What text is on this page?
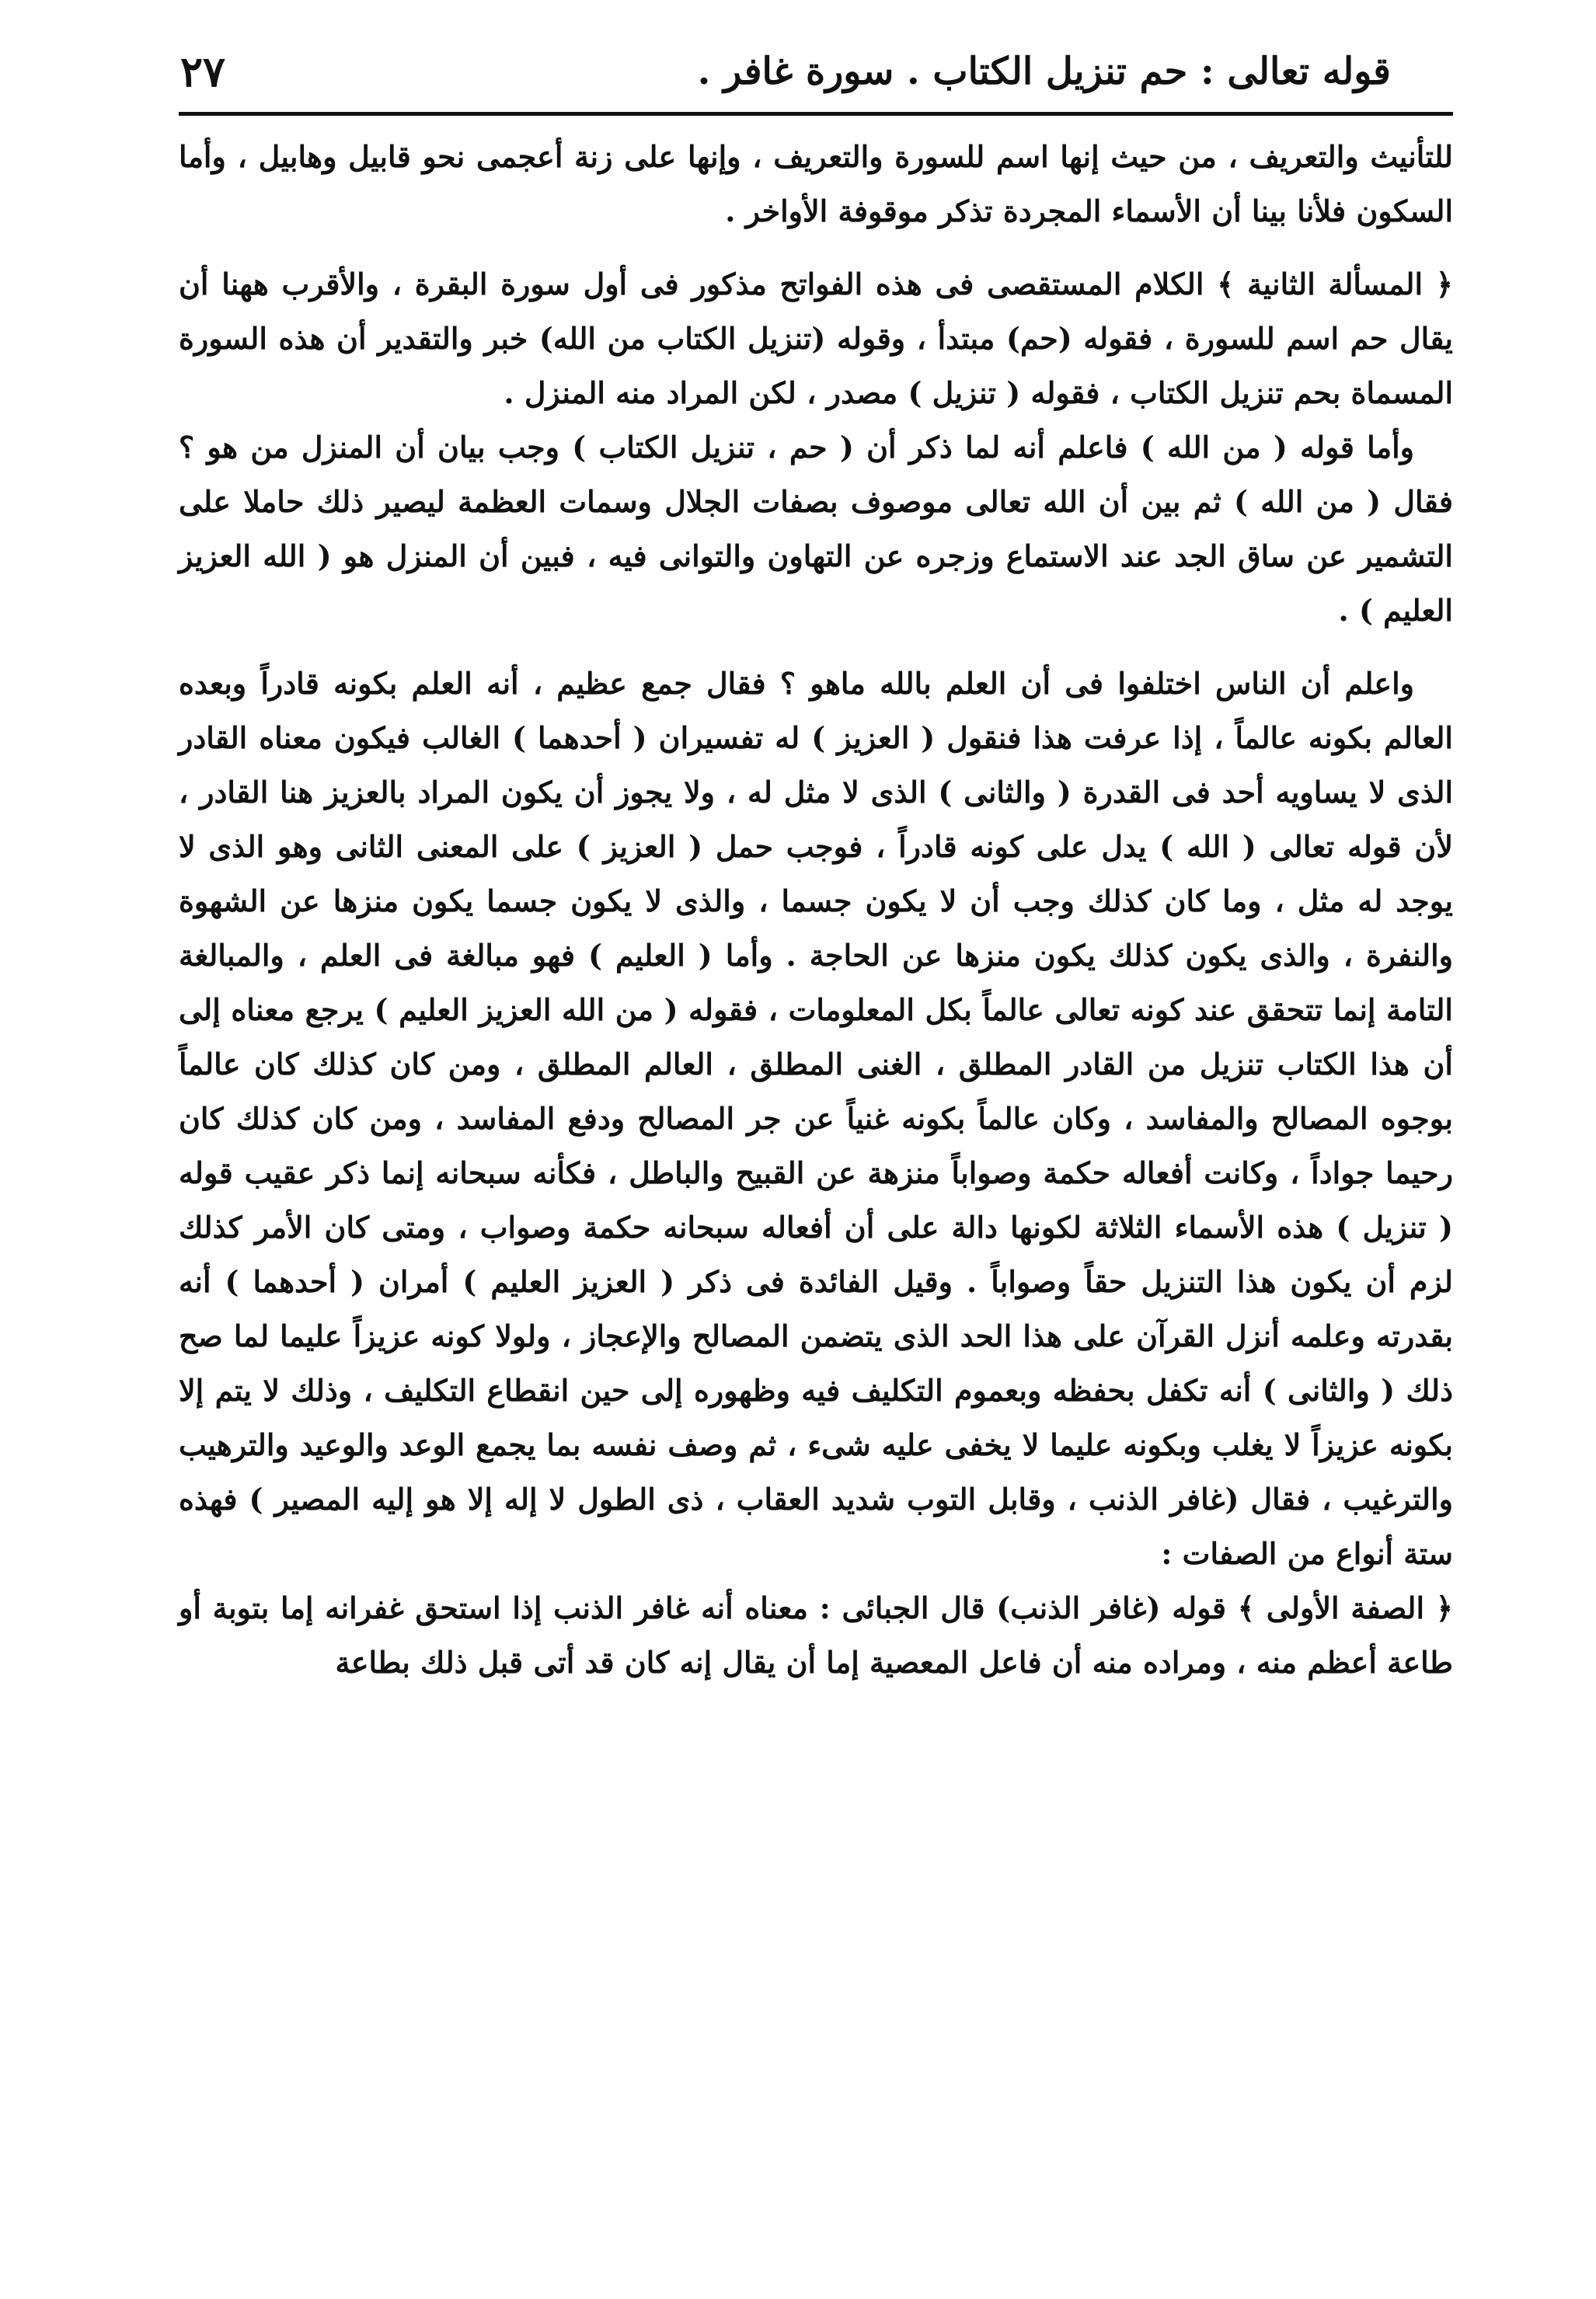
قوله تعالى : حم تنزيل الكتاب . سورة غافر .
٢٧

للتأنيث والتعريف ، من حيث إنها اسم للسورة والتعريف ، وإنها على زنة أعجمى نحو قابيل وهابيل ، وأما السكون فلأنا بينا أن الأسماء المجردة تذكر موقوفة الأواخر .

﴿ المسألة الثانية ﴾ الكلام المستقصى فى هذه الفواتح مذكور فى أول سورة البقرة ، والأقرب ههنا أن يقال حم اسم للسورة ، فقوله (حم) مبتدأ ، وقوله (تنزيل الكتاب من الله) خبر والتقدير أن هذه السورة المسماة بحم تنزيل الكتاب ، فقوله ( تنزيل ) مصدر ، لكن المراد منه المنزل .

وأما قوله ( من الله ) فاعلم أنه لما ذكر أن ( حم ، تنزيل الكتاب ) وجب بيان أن المنزل من هو ؟ فقال ( من الله ) ثم بين أن الله تعالى موصوف بصفات الجلال وسمات العظمة ليصير ذلك حاملا على التشمير عن ساق الجد عند الاستماع وزجره عن التهاون والتوانى فيه ، فبين أن المنزل هو ( الله العزيز العليم ) .

واعلم أن الناس اختلفوا فى أن العلم بالله ماهو ؟ فقال جمع عظيم ، أنه العلم بكونه قادراً وبعده العالم بكونه عالماً ، إذا عرفت هذا فنقول ( العزيز ) له تفسيران ( أحدهما ) الغالب فيكون معناه القادر الذى لا يساويه أحد فى القدرة ( والثانى ) الذى لا مثل له ، ولا يجوز أن يكون المراد بالعزيز هنا القادر ، لأن قوله تعالى ( الله ) يدل على كونه قادراً ، فوجب حمل ( العزيز ) على المعنى الثانى وهو الذى لا يوجد له مثل ، وما كان كذلك وجب أن لا يكون جسما ، والذى لا يكون جسما يكون منزها عن الشهوة والنفرة ، والذى يكون كذلك يكون منزها عن الحاجة . وأما ( العليم ) فهو مبالغة فى العلم ، والمبالغة التامة إنما تتحقق عند كونه تعالى عالماً بكل المعلومات ، فقوله ( من الله العزيز العليم ) يرجع معناه إلى أن هذا الكتاب تنزيل من القادر المطلق ، الغنى المطلق ، العالم المطلق ، ومن كان كذلك كان عالماً بوجوه المصالح والمفاسد ، وكان عالماً بكونه غنياً عن جر المصالح ودفع المفاسد ، ومن كان كذلك كان رحيما جواداً ، وكانت أفعاله حكمة وصواباً منزهة عن القبيح والباطل ، فكأنه سبحانه إنما ذكر عقيب قوله ( تنزيل ) هذه الأسماء الثلاثة لكونها دالة على أن أفعاله سبحانه حكمة وصواب ، ومتى كان الأمر كذلك لزم أن يكون هذا التنزيل حقاً وصواباً . وقيل الفائدة فى ذكر ( العزيز العليم ) أمران ( أحدهما ) أنه بقدرته وعلمه أنزل القرآن على هذا الحد الذى يتضمن المصالح والإعجاز ، ولولا كونه عزيزاً عليما لما صح ذلك ( والثانى ) أنه تكفل بحفظه وبعموم التكليف فيه وظهوره إلى حين انقطاع التكليف ، وذلك لا يتم إلا بكونه عزيزاً لا يغلب وبكونه عليما لا يخفى عليه شىء ، ثم وصف نفسه بما يجمع الوعد والوعيد والترهيب والترغيب ، فقال (غافر الذنب ، وقابل التوب شديد العقاب ، ذى الطول لا إله إلا هو إليه المصير ) فهذه ستة أنواع من الصفات :

﴿ الصفة الأولى ﴾ قوله (غافر الذنب) قال الجبائى : معناه أنه غافر الذنب إذا استحق غفرانه إما بتوبة أو طاعة أعظم منه ، ومراده منه أن فاعل المعصية إما أن يقال إنه كان قد أتى قبل ذلك بطاعة
